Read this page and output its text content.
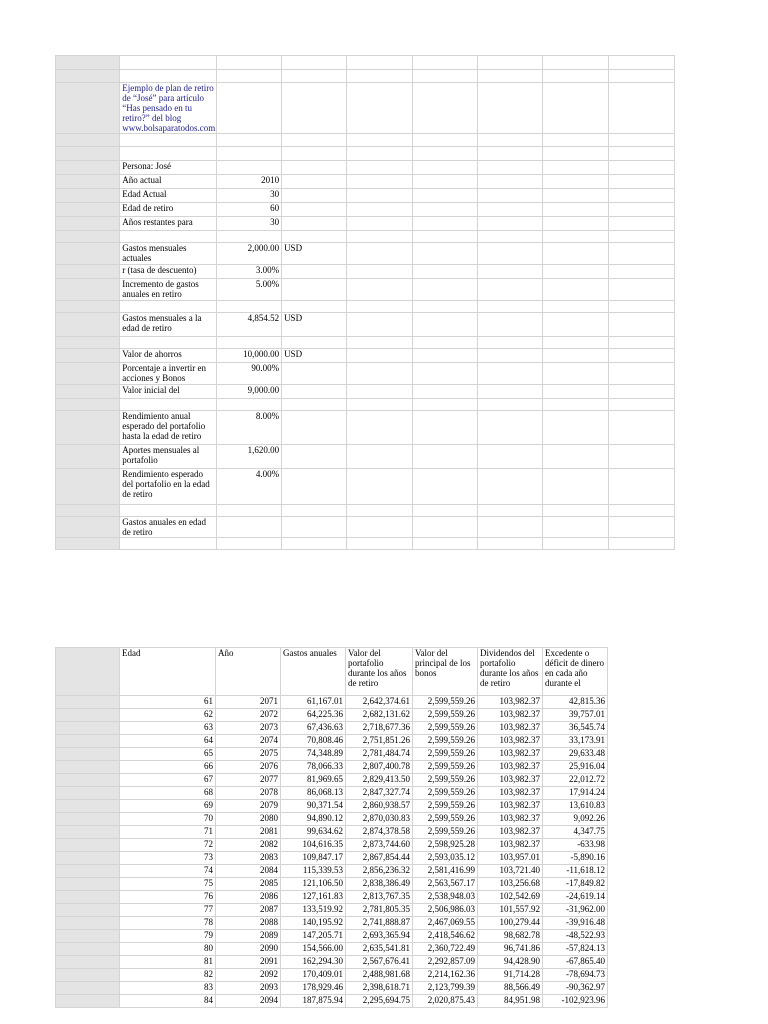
	Ejemplo de plan de retiro de “José” para artículo “Has pensado en tu retiro?” del blog www.bolsaparatodos.com							

	Persona: José							
	Año actual	2010						
	Edad Actual	30						
	Edad de retiro	60						
	Años restantes para	30						

	Gastos mensuales actuales	2,000.00	USD					
	r (tasa de descuento)	3.00%						
	Incremento de gastos anuales en retiro	5.00%						

	Gastos mensuales a la edad de retiro	4,854.52	USD					

	Valor de ahorros	10,000.00	USD					
	Porcentaje a invertir en acciones y Bonos	90.00%						
	Valor inicial del	9,000.00						

	Rendimiento anual esperado del portafolio hasta la edad de retiro	8.00%						
	Aportes mensuales al portafolio	1,620.00						
	Rendimiento esperado del portafolio en la edad de retiro	4.00%						

	Gastos anuales en edad de retiro							

	Edad	Año	Gastos anuales	Valor del portafolio durante los años de retiro	Valor del principal de los bonos	Dividendos del portafolio durante los años de retiro	Excedente o déficit de dinero en cada año durante el
	61	2071	61,167.01	2,642,374.61	2,599,559.26	103,982.37	42,815.36
	62	2072	64,225.36	2,682,131.62	2,599,559.26	103,982.37	39,757.01
	63	2073	67,436.63	2,718,677.36	2,599,559.26	103,982.37	36,545.74
	64	2074	70,808.46	2,751,851.26	2,599,559.26	103,982.37	33,173.91
	65	2075	74,348.89	2,781,484.74	2,599,559.26	103,982.37	29,633.48
	66	2076	78,066.33	2,807,400.78	2,599,559.26	103,982.37	25,916.04
	67	2077	81,969.65	2,829,413.50	2,599,559.26	103,982.37	22,012.72
	68	2078	86,068.13	2,847,327.74	2,599,559.26	103,982.37	17,914.24
	69	2079	90,371.54	2,860,938.57	2,599,559.26	103,982.37	13,610.83
	70	2080	94,890.12	2,870,030.83	2,599,559.26	103,982.37	9,092.26
	71	2081	99,634.62	2,874,378.58	2,599,559.26	103,982.37	4,347.75
	72	2082	104,616.35	2,873,744.60	2,598,925.28	103,982.37	-633.98
	73	2083	109,847.17	2,867,854.44	2,593,035.12	103,957.01	-5,890.16
	74	2084	115,339.53	2,856,236.32	2,581,416.99	103,721.40	-11,618.12
	75	2085	121,106.50	2,838,386.49	2,563,567.17	103,256.68	-17,849.82
	76	2086	127,161.83	2,813,767.35	2,538,948.03	102,542.69	-24,619.14
	77	2087	133,519.92	2,781,805.35	2,506,986.03	101,557.92	-31,962.00
	78	2088	140,195.92	2,741,888.87	2,467,069.55	100,279.44	-39,916.48
	79	2089	147,205.71	2,693,365.94	2,418,546.62	98,682.78	-48,522.93
	80	2090	154,566.00	2,635,541.81	2,360,722.49	96,741.86	-57,824.13
	81	2091	162,294.30	2,567,676.41	2,292,857.09	94,428.90	-67,865.40
	82	2092	170,409.01	2,488,981.68	2,214,162.36	91,714.28	-78,694.73
	83	2093	178,929.46	2,398,618.71	2,123,799.39	88,566.49	-90,362.97
	84	2094	187,875.94	2,295,694.75	2,020,875.43	84,951.98	-102,923.96
